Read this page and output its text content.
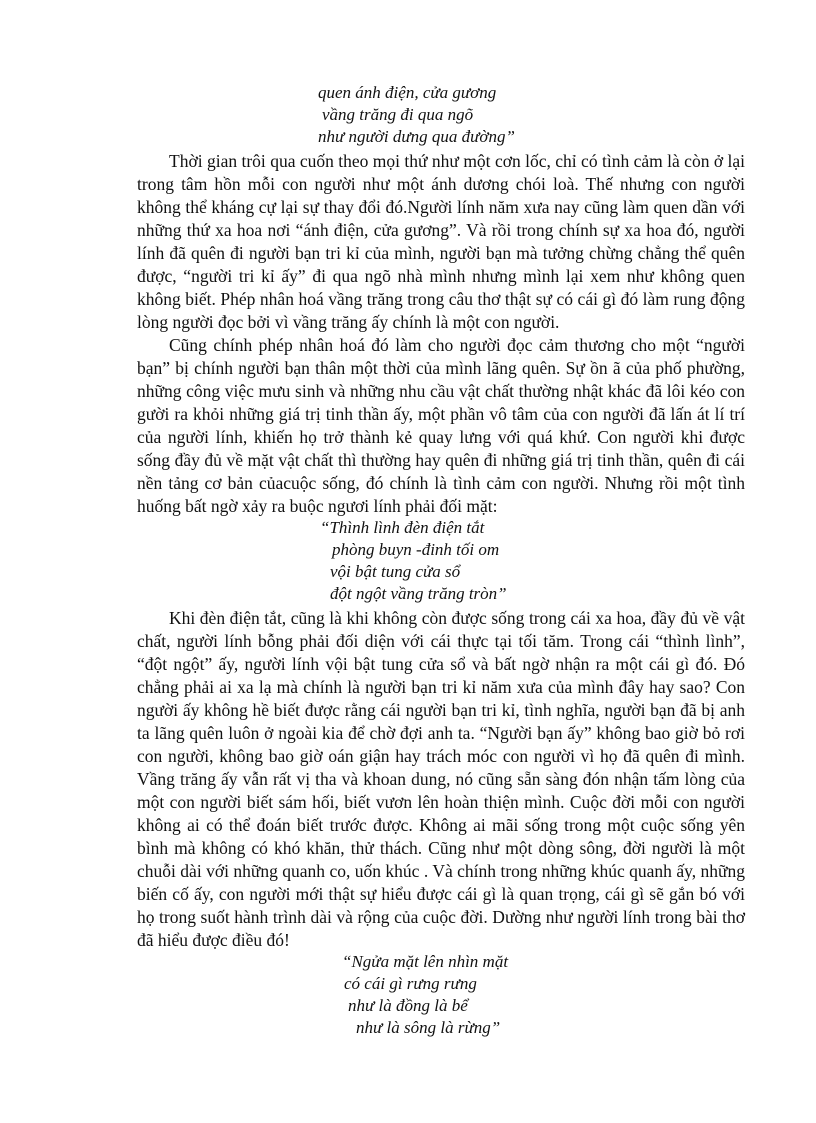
quen ánh điện, cửa gương
vầng trăng đi qua ngõ
như người dưng qua đường”

Thời gian trôi qua cuốn theo mọi thứ như một cơn lốc, chỉ có tình cảm là còn ở lại trong tâm hồn mỗi con người như một ánh dương chói loà. Thế nhưng con người không thể kháng cự lại sự thay đổi đó.Người lính năm xưa nay cũng làm quen dần với những thứ xa hoa nơi “ánh điện, cửa gương”. Và rồi trong chính sự xa hoa đó, người lính đã quên đi người bạn tri kỉ của mình, người bạn mà tưởng chừng chẳng thể quên được, “người tri kỉ ấy” đi qua ngõ nhà mình nhưng mình lại xem như không quen không biết. Phép nhân hoá vầng trăng trong câu thơ thật sự có cái gì đó làm rung động lòng người đọc bởi vì vầng trăng ấy chính là một con người.

Cũng chính phép nhân hoá đó làm cho người đọc cảm thương cho một “người bạn” bị chính người bạn thân một thời của mình lãng quên. Sự ồn ã của phố phường, những công việc mưu sinh và những nhu cầu vật chất thường nhật khác đã lôi kéo con gười ra khỏi những giá trị tinh thần ấy, một phần vô tâm của con người đã lấn át lí trí của người lính, khiến họ trở thành kẻ quay lưng với quá khứ. Con người khi được sống đầy đủ về mặt vật chất thì thường hay quên đi những giá trị tinh thần, quên đi cái nền tảng cơ bản củacuộc sống, đó chính là tình cảm con người. Nhưng rồi một tình huống bất ngờ xảy ra buộc ngươi lính phải đối mặt:

“Thình lình đèn điện tắt
phòng buyn -đinh tối om
vội bật tung cửa sổ
đột ngột vầng trăng tròn”

Khi đèn điện tắt, cũng là khi không còn được sống trong cái xa hoa, đầy đủ về vật chất, người lính bỗng phải đối diện với cái thực tại tối tăm. Trong cái “thình lình”, “đột ngột” ấy, người lính vội bật tung cửa sổ và bất ngờ nhận ra một cái gì đó. Đó chẳng phải ai xa lạ mà chính là người bạn tri kỉ năm xưa của mình đây hay sao? Con người ấy không hề biết được rằng cái người bạn tri kỉ, tình nghĩa, người bạn đã bị anh ta lãng quên luôn ở ngoài kia để chờ đợi anh ta. “Người bạn ấy” không bao giờ bỏ rơi con người, không bao giờ oán giận hay trách móc con người vì họ đã quên đi mình. Vầng trăng ấy vẫn rất vị tha và khoan dung, nó cũng sẵn sàng đón nhận tấm lòng của một con người biết sám hối, biết vươn lên hoàn thiện mình. Cuộc đời mỗi con người không ai có thể đoán biết trước được. Không ai mãi sống trong một cuộc sống yên bình mà không có khó khăn, thử thách. Cũng như một dòng sông, đời người là một chuỗi dài với những quanh co, uốn khúc . Và chính trong những khúc quanh ấy, những biến cố ấy, con người mới thật sự hiểu được cái gì là quan trọng, cái gì sẽ gắn bó với họ trong suốt hành trình dài và rộng của cuộc đời. Dường như người lính trong bài thơ đã hiểu được điều đó!

“Ngửa mặt lên nhìn mặt
có cái gì rưng rưng
như là đồng là bể
như là sông là rừng”
